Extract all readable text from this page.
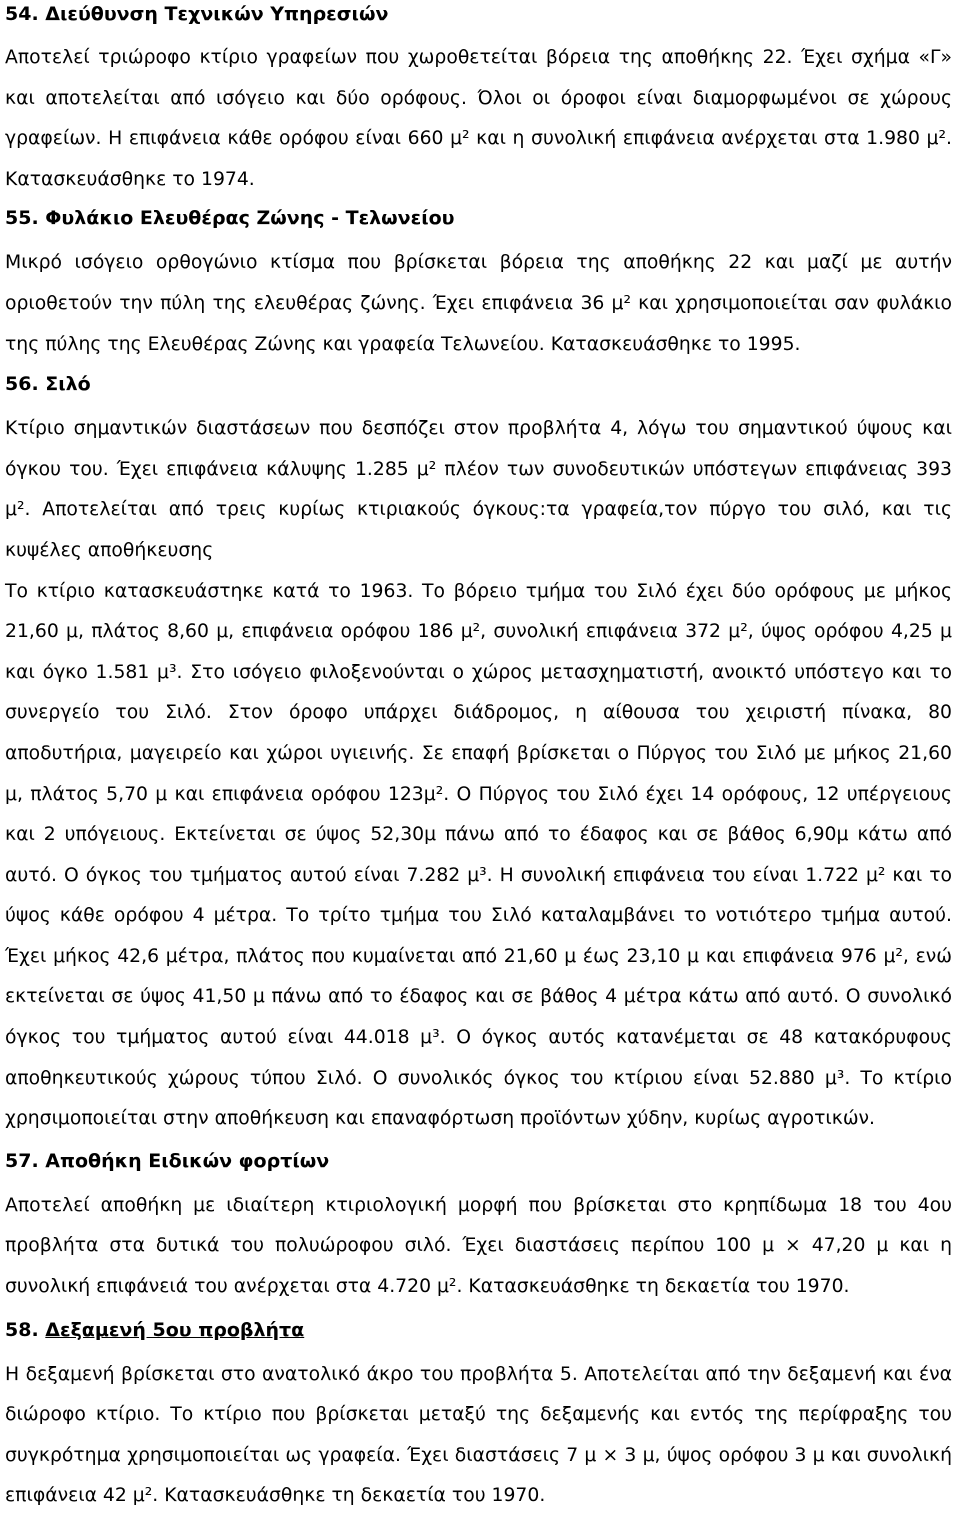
54. Διεύθυνση Τεχνικών Υπηρεσιών

Αποτελεί τριώροφο κτίριο γραφείων που χωροθετείται βόρεια της αποθήκης 22. Έχει σχήμα «Γ» και αποτελείται από ισόγειο και δύο ορόφους. Όλοι οι όροφοι είναι διαμορφωμένοι σε χώρους γραφείων. Η επιφάνεια κάθε ορόφου είναι 660 μ² και η συνολική επιφάνεια ανέρχεται στα 1.980 μ². Κατασκευάσθηκε το 1974.

55. Φυλάκιο Ελευθέρας Ζώνης - Τελωνείου

Μικρό ισόγειο ορθογώνιο κτίσμα που βρίσκεται βόρεια της αποθήκης 22 και μαζί με αυτήν οριοθετούν την πύλη της ελευθέρας ζώνης. Έχει επιφάνεια 36 μ² και χρησιμοποιείται σαν φυλάκιο της πύλης της Ελευθέρας Ζώνης και γραφεία Τελωνείου. Κατασκευάσθηκε το 1995.

56. Σιλό

Κτίριο σημαντικών διαστάσεων που δεσπόζει στον προβλήτα 4, λόγω του σημαντικού ύψους και όγκου του. Έχει επιφάνεια κάλυψης 1.285 μ² πλέον των συνοδευτικών υπόστεγων επιφάνειας 393 μ². Αποτελείται από τρεις κυρίως κτιριακούς όγκους:τα γραφεία,τον πύργο του σιλό, και τις κυψέλες αποθήκευσης

Το κτίριο κατασκευάστηκε κατά το 1963. Το βόρειο τμήμα του Σιλό έχει δύο ορόφους με μήκος 21,60 μ, πλάτος 8,60 μ, επιφάνεια ορόφου 186 μ², συνολική επιφάνεια 372 μ², ύψος ορόφου 4,25 μ και όγκο 1.581 μ³. Στο ισόγειο φιλοξενούνται ο χώρος μετασχηματιστή, ανοικτό υπόστεγο και το συνεργείο του Σιλό. Στον όροφο υπάρχει διάδρομος, η αίθουσα του χειριστή πίνακα, 80 αποδυτήρια, μαγειρείο και χώροι υγιεινής. Σε επαφή βρίσκεται ο Πύργος του Σιλό με μήκος 21,60 μ, πλάτος 5,70 μ και επιφάνεια ορόφου 123μ². Ο Πύργος του Σιλό έχει 14 ορόφους, 12 υπέργειους και 2 υπόγειους. Εκτείνεται σε ύψος 52,30μ πάνω από το έδαφος και σε βάθος 6,90μ κάτω από αυτό. Ο όγκος του τμήματος αυτού είναι 7.282 μ³. Η συνολική επιφάνεια του είναι 1.722 μ² και το ύψος κάθε ορόφου 4 μέτρα. Το τρίτο τμήμα του Σιλό καταλαμβάνει το νοτιότερο τμήμα αυτού. Έχει μήκος 42,6 μέτρα, πλάτος που κυμαίνεται από 21,60 μ έως 23,10 μ και επιφάνεια 976 μ², ενώ εκτείνεται σε ύψος 41,50 μ πάνω από το έδαφος και σε βάθος 4 μέτρα κάτω από αυτό. Ο συνολικό όγκος του τμήματος αυτού είναι 44.018 μ³. Ο όγκος αυτός κατανέμεται σε 48 κατακόρυφους αποθηκευτικούς χώρους τύπου Σιλό. Ο συνολικός όγκος του κτίριου είναι 52.880 μ³. Το κτίριο χρησιμοποιείται στην αποθήκευση και επαναφόρτωση προϊόντων χύδην, κυρίως αγροτικών.

57. Αποθήκη Ειδικών φορτίων

Αποτελεί αποθήκη με ιδιαίτερη κτιριολογική μορφή που βρίσκεται στο κρηπίδωμα 18 του 4ου προβλήτα στα δυτικά του πολυώροφου σιλό. Έχει διαστάσεις περίπου 100 μ × 47,20 μ και η συνολική επιφάνειά του ανέρχεται στα 4.720 μ². Κατασκευάσθηκε τη δεκαετία του 1970.

58. Δεξαμενή 5ου προβλήτα

Η δεξαμενή βρίσκεται στο ανατολικό άκρο του προβλήτα 5. Αποτελείται από την δεξαμενή και ένα διώροφο κτίριο. Το κτίριο που βρίσκεται μεταξύ της δεξαμενής και εντός της περίφραξης του συγκρότημα χρησιμοποιείται ως γραφεία. Έχει διαστάσεις 7 μ × 3 μ, ύψος ορόφου 3 μ και συνολική επιφάνεια 42 μ². Κατασκευάσθηκε τη δεκαετία του 1970.
